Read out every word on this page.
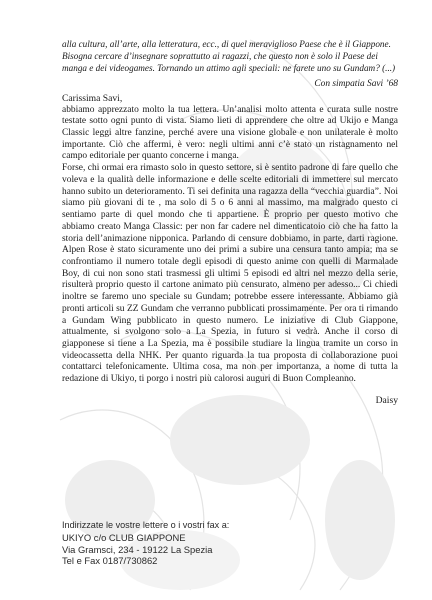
alla cultura, all’arte, alla letteratura, ecc., di quel meraviglioso Paese che è il Giappone. Bisogna cercare d’insegnare soprattutto ai ragazzi, che questo non è solo il Paese dei manga e dei videogames. Tornando un attimo agli speciali: ne farete uno su Gundam? (...)

Con simpatia Savi ’68

Carissima Savi,

abbiamo apprezzato molto la tua lettera. Un’analisi molto attenta e curata sulle nostre testate sotto ogni punto di vista. Siamo lieti di apprendere che oltre ad Ukijo e Manga Classic leggi altre fanzine, perché avere una visione globale e non unilaterale è molto importante. Ciò che affermi, è vero: negli ultimi anni c’è stato un ristagnamento nel campo editoriale per quanto concerne i manga.

Forse, chi ormai era rimasto solo in questo settore, si è sentito padrone di fare quello che voleva e la qualità delle informazione e delle scelte editoriali di immettere sul mercato hanno subito un deterioramento. Ti sei definita una ragazza della “vecchia guardia”. Noi siamo più giovani di te , ma solo di 5 o 6 anni al massimo, ma malgrado questo ci sentiamo parte di quel mondo che ti appartiene. È proprio per questo motivo che abbiamo creato Manga Classic: per non far cadere nel dimenticatoio ciò che ha fatto la storia dell’animazione nipponica. Parlando di censure dobbiamo, in parte, darti ragione. Alpen Rose è stato sicuramente uno dei primi a subire una censura tanto ampia; ma se confrontiamo il numero totale degli episodi di questo anime con quelli di Marmalade Boy, di cui non sono stati trasmessi gli ultimi 5 episodi ed altri nel mezzo della serie, risulterà proprio questo il cartone animato più censurato, almeno per adesso... Ci chiedi inoltre se faremo uno speciale su Gundam; potrebbe essere interessante. Abbiamo già pronti articoli su ZZ Gundam che verranno pubblicati prossimamente. Per ora ti rimando a Gundam Wing pubblicato in questo numero. Le iniziative di Club Giappone, attualmente, si svolgono solo a La Spezia, in futuro si vedrà. Anche il corso di giapponese si tiene a La Spezia, ma è possibile studiare la lingua tramite un corso in videocassetta della NHK. Per quanto riguarda la tua proposta di collaborazione puoi contattarci telefonicamente. Ultima cosa, ma non per importanza, a nome di tutta la redazione di Ukiyo, ti porgo i nostri più calorosi auguri di Buon Compleanno.

Daisy

Indirizzate le vostre lettere o i vostri fax a:
UKIYO c/o CLUB GIAPPONE
Via Gramsci, 234 - 19122 La Spezia
Tel e Fax 0187/730862
